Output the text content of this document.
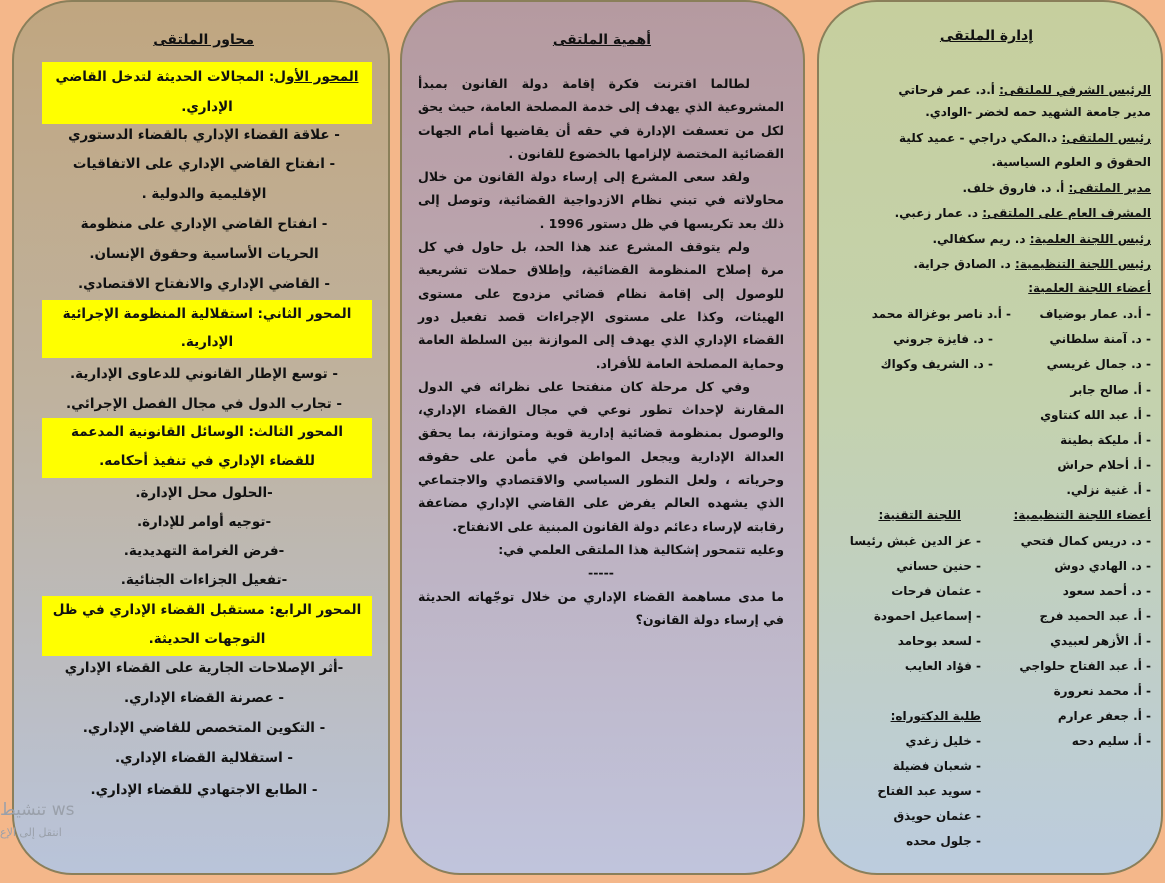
إدارة الملتقى
الرئيس الشرفي للملتقى: أ.د. عمر فرحاتي
مدير جامعة الشهيد حمه لخضر -الوادي.
رئيس الملتقى: د.المكي دراجي - عميد كلية
الحقوق و العلوم السياسية.
مدير الملتقى: أ. د. فاروق خلف.
المشرف العام على الملتقى: د. عمار زعبي.
رئيس اللجنة العلمية: د. ريم سكفالي.
رئيس اللجنة التنظيمية: د. الصادق جراية.
أعضاء اللجنة العلمية:
- أ.د. عمار بوضياف
- د. آمنة سلطاني
- د. جمال غريسي
- أ.د ناصر بوغزالة محمد
- د. فايزة جروني
- د. الشريف وكواك
- أ. صالح جابر
- أ. عبد الله كنتاوي
- أ. مليكة بطينة
- أ. أحلام حراش
- أ. غنية نزلي.
أعضاء اللجنة التنظيمية:
اللجنة التقنية:
- د. دريس كمال فتحي
- د. الهادي دوش
- د. أحمد سعود
- أ. عبد الحميد فرج
- أ. الأزهر لعبيدي
- أ. عبد الفتاح حلواجي
- أ. محمد نعرورة
- أ. جعفر عرارم
- أ. سليم دحه
- عز الدين غبش رئيسا
- حنين حساني
- عثمان فرحات
- إسماعيل احمودة
- لسعد بوحامد
- فؤاد العايب
طلبة الدكتوراه:
- خليل زغدي
- شعبان فضيلة
- سويد عبد الفتاح
- عثمان حويذق
- جلول محده
أهمية الملتقى

لطالما اقترنت فكرة إقامة دولة القانون بمبدأ المشروعية الذي يهدف إلى خدمة المصلحة العامة، حيث يحق لكل من تعسفت الإدارة في حقه أن يقاضيها أمام الجهات القضائية المختصة لإلزامها بالخضوع للقانون .

ولقد سعى المشرع إلى إرساء دولة القانون من خلال محاولاته في تبني نظام الازدواجية القضائية، وتوصل إلى ذلك بعد تكريسها في ظل دستور 1996 .

ولم يتوقف المشرع عند هذا الحد، بل حاول في كل مرة إصلاح المنظومة القضائية، وإطلاق حملات تشريعية للوصول إلى إقامة نظام قضائي مزدوج على مستوى الهيئات، وكذا على مستوى الإجراءات قصد تفعيل دور القضاء الإداري الذي يهدف إلى الموازنة بين السلطة العامة وحماية المصلحة العامة للأفراد.

وفي كل مرحلة كان منفتحا على نظرائه في الدول المقارنة لإحداث تطور نوعي في مجال القضاء الإداري، والوصول بمنظومة قضائية إدارية قوية ومتوازنة، بما يحقق العدالة الإدارية ويجعل المواطن في مأمن على حقوقه وحرياته ، ولعل التطور السياسي والاقتصادي والاجتماعي الذي يشهده العالم يفرض على القاضي الإداري مضاعفة رقابته لإرساء دعائم دولة القانون المبنية على الانفتاح.

وعليه تتمحور إشكالية هذا الملتقى العلمي في:

-----

ما مدى مساهمة القضاء الإداري من خلال توجّهاته الحديثة في إرساء دولة القانون؟

محاور الملتقى
المحور الأول: المجالات الحديثة لتدخل القاضي الإداري.
- علاقة القضاء الإداري بالقضاء الدستوري
- انفتاح القاضي الإداري على الاتفاقيات
الإقليمية والدولية .
- انفتاح القاضي الإداري على منظومة
الحريات الأساسية وحقوق الإنسان.
- القاضي الإداري والانفتاح الاقتصادي.
المحور الثاني: استقلالية المنظومة الإجرائية الإدارية.
- توسع الإطار القانوني للدعاوى الإدارية.
- تجارب الدول في مجال الفصل الإجرائي.
المحور الثالث: الوسائل القانونية المدعمة للقضاء الإداري في تنفيذ أحكامه.
-الحلول محل الإدارة.
-توجيه أوامر للإدارة.
-فرض الغرامة التهديدية.
-تفعيل الجزاءات الجنائية.
المحور الرابع: مستقبل القضاء الإداري في ظل التوجهات الحديثة.
-أثر الإصلاحات الجارية على القضاء الإداري
- عصرنة القضاء الإداري.
- التكوين المتخصص للقاضي الإداري.
- استقلالية القضاء الإداري.
- الطابع الاجتهادي للقضاء الإداري.
تنشيط ws
انتقل إلى الإع
